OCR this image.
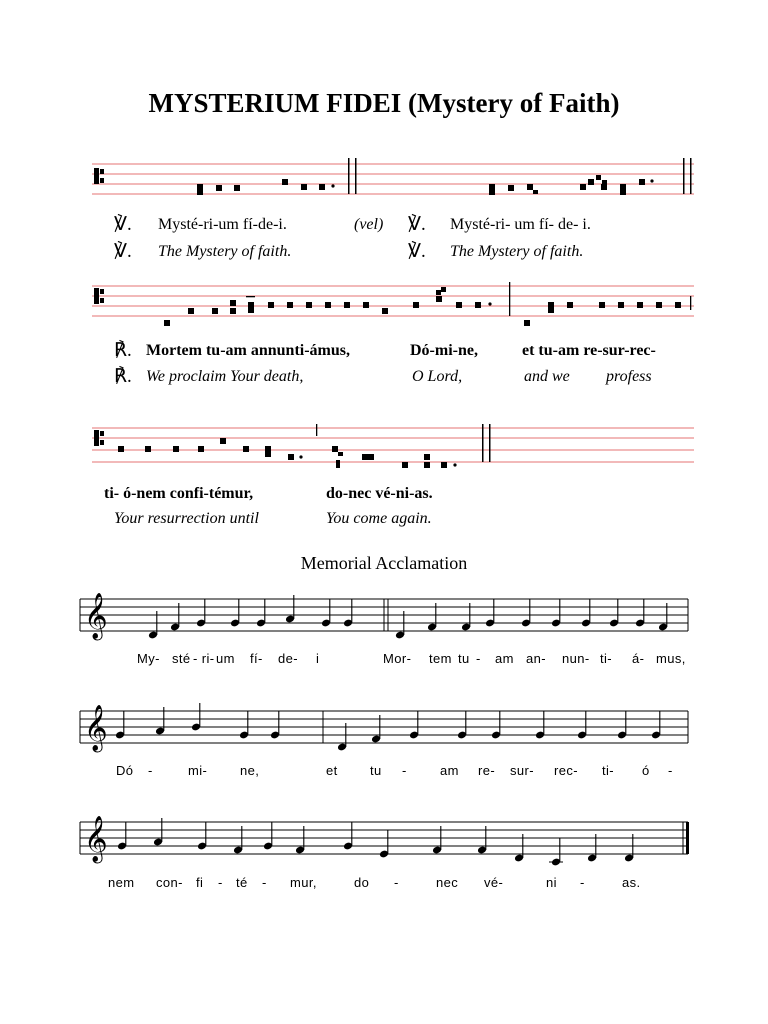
MYSTERIUM FIDEI (Mystery of Faith)
℣. Mysté-ri-um fí-de-i.	(vel) ℣. Mysté-ri- um fí- de- i.
℣. The Mystery of faith.	℣. The Mystery of faith.
℟. Mortem tu-am annunti-ámus,	Dó-mi-ne,	et tu-am re-sur-rec-
℟. We proclaim Your death,	O Lord,	and we profess
ti- ó-nem confi-témur,	do-nec vé-ni-as.
Your resurrection until	You come again.
Memorial Acclamation
𝄞
𝄞
𝄞
My- sté - ri- um fí- de- i	Mor- tem tu - am an- nun- ti- á- mus,
Dó -	mi-	ne,	et tu -	am re- sur- rec- ti- ó -
nem con- fi - té - mur,	do -	nec vé-	ni -	as.
